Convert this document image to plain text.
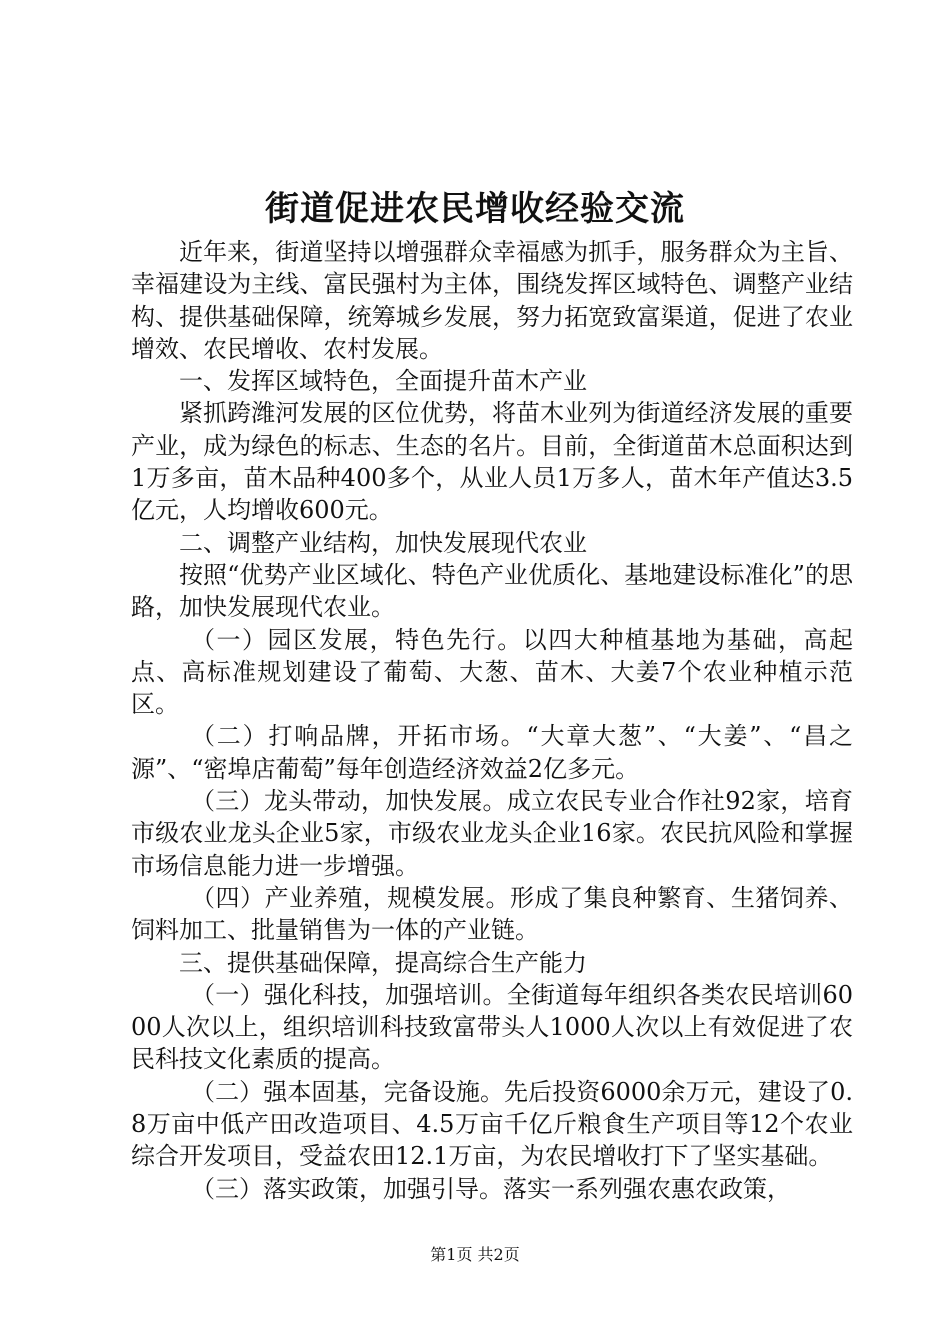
街道促进农民增收经验交流

近年来，街道坚持以增强群众幸福感为抓手，服务群众为主旨、幸福建设为主线、富民强村为主体，围绕发挥区域特色、调整产业结构、提供基础保障，统筹城乡发展，努力拓宽致富渠道，促进了农业增效、农民增收、农村发展。

一、发挥区域特色，全面提升苗木产业

紧抓跨潍河发展的区位优势，将苗木业列为街道经济发展的重要产业，成为绿色的标志、生态的名片。目前，全街道苗木总面积达到1万多亩，苗木品种400多个，从业人员1万多人，苗木年产值达3.5亿元，人均增收600元。

二、调整产业结构，加快发展现代农业

按照“优势产业区域化、特色产业优质化、基地建设标准化”的思路，加快发展现代农业。

（一）园区发展，特色先行。以四大种植基地为基础，高起点、高标准规划建设了葡萄、大葱、苗木、大姜7个农业种植示范区。

（二）打响品牌，开拓市场。“大章大葱”、“大姜”、“昌之源”、“密埠店葡萄”每年创造经济效益2亿多元。

（三）龙头带动，加快发展。成立农民专业合作社92家，培育市级农业龙头企业5家，市级农业龙头企业16家。农民抗风险和掌握市场信息能力进一步增强。

（四）产业养殖，规模发展。形成了集良种繁育、生猪饲养、饲料加工、批量销售为一体的产业链。

三、提供基础保障，提高综合生产能力

（一）强化科技，加强培训。全街道每年组织各类农民培训6000人次以上，组织培训科技致富带头人1000人次以上有效促进了农民科技文化素质的提高。

（二）强本固基，完备设施。先后投资6000余万元，建设了0.8万亩中低产田改造项目、4.5万亩千亿斤粮食生产项目等12个农业综合开发项目，受益农田12.1万亩，为农民增收打下了坚实基础。

（三）落实政策，加强引导。落实一系列强农惠农政策，

第1页 共2页
